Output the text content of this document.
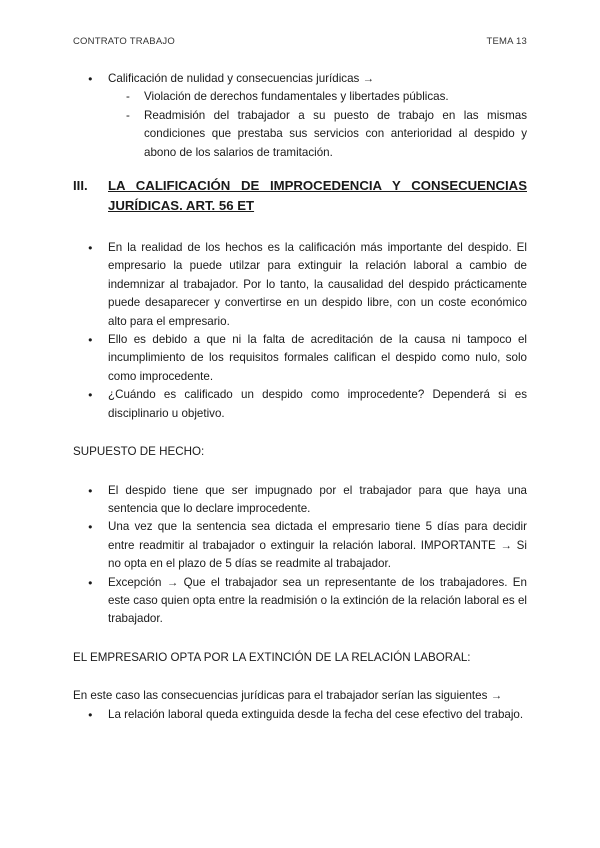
CONTRATO TRABAJO	TEMA 13
● Calificación de nulidad y consecuencias jurídicas →
- Violación de derechos fundamentales y libertades públicas.
- Readmisión del trabajador a su puesto de trabajo en las mismas condiciones que prestaba sus servicios con anterioridad al despido y abono de los salarios de tramitación.
III. LA CALIFICACIÓN DE IMPROCEDENCIA Y CONSECUENCIAS JURÍDICAS. ART. 56 ET
● En la realidad de los hechos es la calificación más importante del despido. El empresario la puede utilzar para extinguir la relación laboral a cambio de indemnizar al trabajador. Por lo tanto, la causalidad del despido prácticamente puede desaparecer y convertirse en un despido libre, con un coste económico alto para el empresario.
● Ello es debido a que ni la falta de acreditación de la causa ni tampoco el incumplimiento de los requisitos formales califican el despido como nulo, solo como improcedente.
● ¿Cuándo es calificado un despido como improcedente? Dependerá si es disciplinario u objetivo.

SUPUESTO DE HECHO:

● El despido tiene que ser impugnado por el trabajador para que haya una sentencia que lo declare improcedente.
● Una vez que la sentencia sea dictada el empresario tiene 5 días para decidir entre readmitir al trabajador o extinguir la relación laboral. IMPORTANTE → Si no opta en el plazo de 5 días se readmite al trabajador.
● Excepción → Que el trabajador sea un representante de los trabajadores. En este caso quien opta entre la readmisión o la extinción de la relación laboral es el trabajador.

EL EMPRESARIO OPTA POR LA EXTINCIÓN DE LA RELACIÓN LABORAL:

En este caso las consecuencias jurídicas para el trabajador serían las siguientes →

● La relación laboral queda extinguida desde la fecha del cese efectivo del trabajo.
